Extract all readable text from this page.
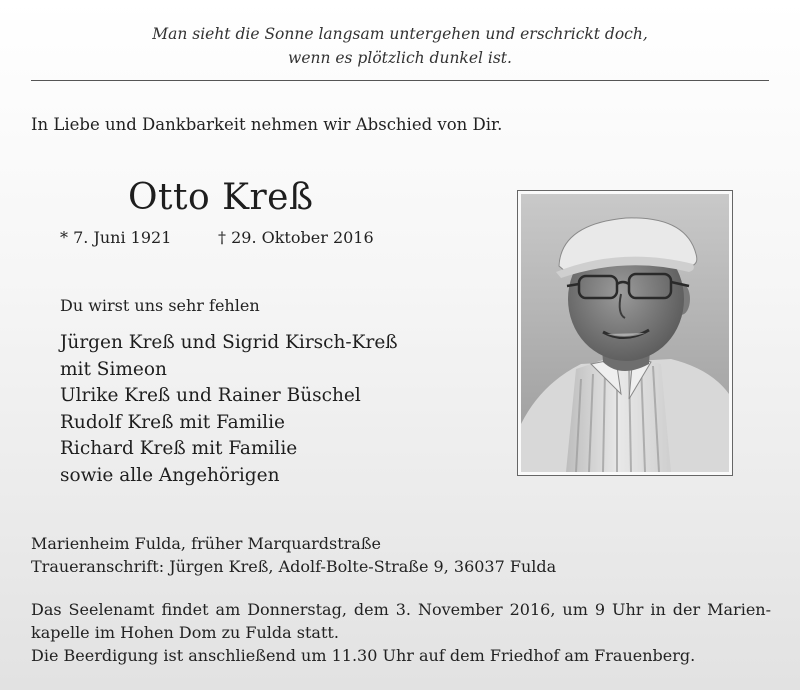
Man sieht die Sonne langsam untergehen und erschrickt doch,
wenn es plötzlich dunkel ist.
In Liebe und Dankbarkeit nehmen wir Abschied von Dir.
Otto Kreß
* 7. Juni 1921	† 29. Oktober 2016
Du wirst uns sehr fehlen
Jürgen Kreß und Sigrid Kirsch-Kreß
mit Simeon
Ulrike Kreß und Rainer Büschel
Rudolf Kreß mit Familie
Richard Kreß mit Familie
sowie alle Angehörigen
Marienheim Fulda, früher Marquardstraße
Traueranschrift: Jürgen Kreß, Adolf-Bolte-Straße 9, 36037 Fulda
Das Seelenamt findet am Donnerstag, dem 3. November 2016, um 9 Uhr in der Marien-
kapelle im Hohen Dom zu Fulda statt.
Die Beerdigung ist anschließend um 11.30 Uhr auf dem Friedhof am Frauenberg.
